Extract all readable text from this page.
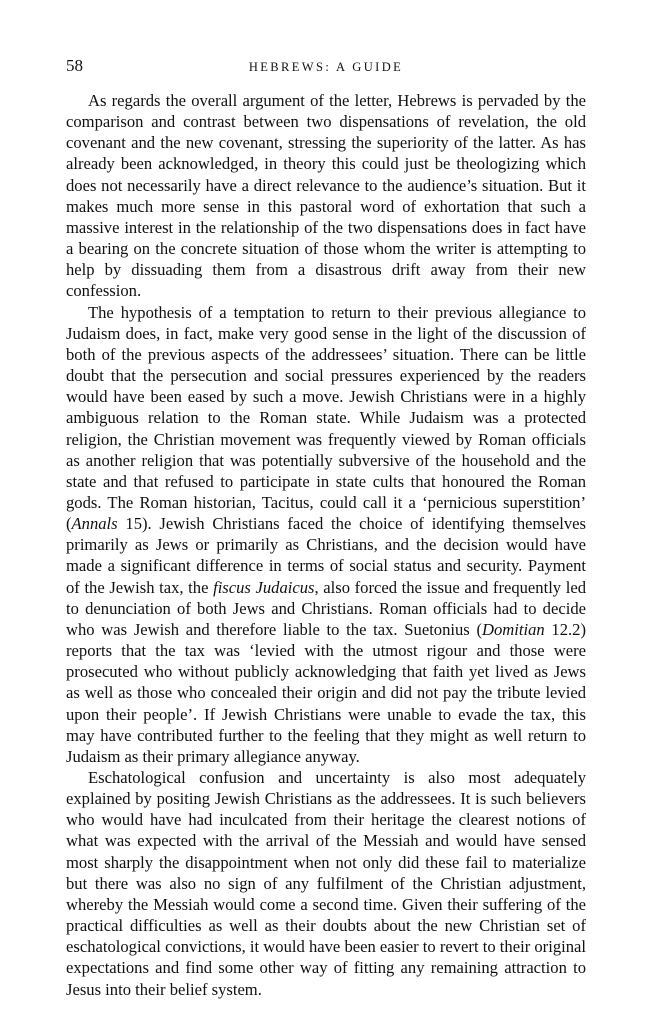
58	HEBREWS: A GUIDE

As regards the overall argument of the letter, Hebrews is pervaded by the comparison and contrast between two dispensations of revelation, the old covenant and the new covenant, stressing the superiority of the latter. As has already been acknowledged, in theory this could just be theologizing which does not necessarily have a direct relevance to the audience’s situation. But it makes much more sense in this pastoral word of exhortation that such a massive interest in the relationship of the two dispensations does in fact have a bearing on the concrete situation of those whom the writer is attempting to help by dissuading them from a disastrous drift away from their new confession.

The hypothesis of a temptation to return to their previous allegiance to Judaism does, in fact, make very good sense in the light of the discussion of both of the previous aspects of the addressees’ situation. There can be little doubt that the persecution and social pressures experienced by the readers would have been eased by such a move. Jewish Christians were in a highly ambiguous relation to the Roman state. While Judaism was a protected religion, the Christian movement was frequently viewed by Roman officials as another religion that was potentially subversive of the household and the state and that refused to participate in state cults that honoured the Roman gods. The Roman historian, Tacitus, could call it a ‘pernicious superstition’ (Annals 15). Jewish Christians faced the choice of identifying themselves primarily as Jews or primarily as Christians, and the decision would have made a significant difference in terms of social status and security. Payment of the Jewish tax, the fiscus Judaicus, also forced the issue and frequently led to denunciation of both Jews and Christians. Roman officials had to decide who was Jewish and therefore liable to the tax. Suetonius (Domitian 12.2) reports that the tax was ‘levied with the utmost rigour and those were prosecuted who without publicly acknowledging that faith yet lived as Jews as well as those who concealed their origin and did not pay the tribute levied upon their people’. If Jewish Christians were unable to evade the tax, this may have contributed further to the feeling that they might as well return to Judaism as their primary allegiance anyway.

Eschatological confusion and uncertainty is also most adequately explained by positing Jewish Christians as the addressees. It is such believers who would have had inculcated from their heritage the clearest notions of what was expected with the arrival of the Messiah and would have sensed most sharply the disappointment when not only did these fail to materialize but there was also no sign of any fulfilment of the Christian adjustment, whereby the Messiah would come a second time. Given their suffering of the practical difficulties as well as their doubts about the new Christian set of eschatological convictions, it would have been easier to revert to their original expectations and find some other way of fitting any remaining attraction to Jesus into their belief system.
